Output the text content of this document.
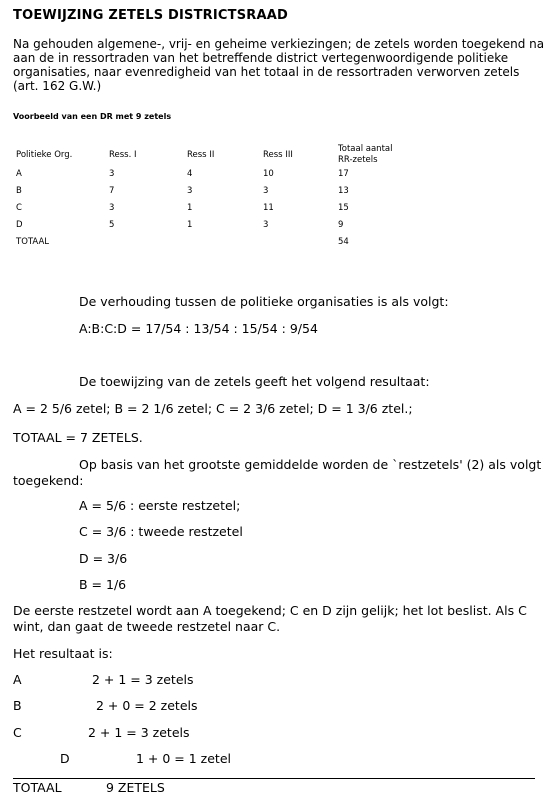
TOEWIJZING ZETELS DISTRICTSRAAD
Na gehouden algemene-, vrij- en geheime verkiezingen; de zetels worden toegekend na aan de in ressortraden van het betreffende district vertegenwoordigende politieke organisaties, naar evenredigheid van het totaal in de ressortraden verworven zetels (art. 162 G.W.)
Voorbeeld van een DR met 9 zetels
Politieke Org.	Ress. I	Ress II	Ress III	Totaal aantal
RR-zetels
A	3	4	10	17
B	7	3	3	13
C	3	1	11	15
D	5	1	3	9
TOTAAL				54
De verhouding tussen de politieke organisaties is als volgt:
A:B:C:D = 17/54 : 13/54 : 15/54 : 9/54
De toewijzing van de zetels geeft het volgend resultaat:
A = 2 5/6 zetel; B = 2 1/6 zetel; C = 2 3/6 zetel; D = 1 3/6 ztel.;
TOTAAL = 7 ZETELS.
Op basis van het grootste gemiddelde worden de `restzetels' (2) als volgt
toegekend:
A = 5/6 : eerste restzetel;
C = 3/6 : tweede restzetel
D = 3/6
B = 1/6
De eerste restzetel wordt aan A toegekend; C en D zijn gelijk; het lot beslist. Als C
wint, dan gaat de tweede restzetel naar C.
Het resultaat is:
A	2 + 1 = 3 zetels
B	2 + 0 = 2 zetels
C	2 + 1 = 3 zetels
D	1 + 0 = 1 zetel
TOTAAL	9 ZETELS
